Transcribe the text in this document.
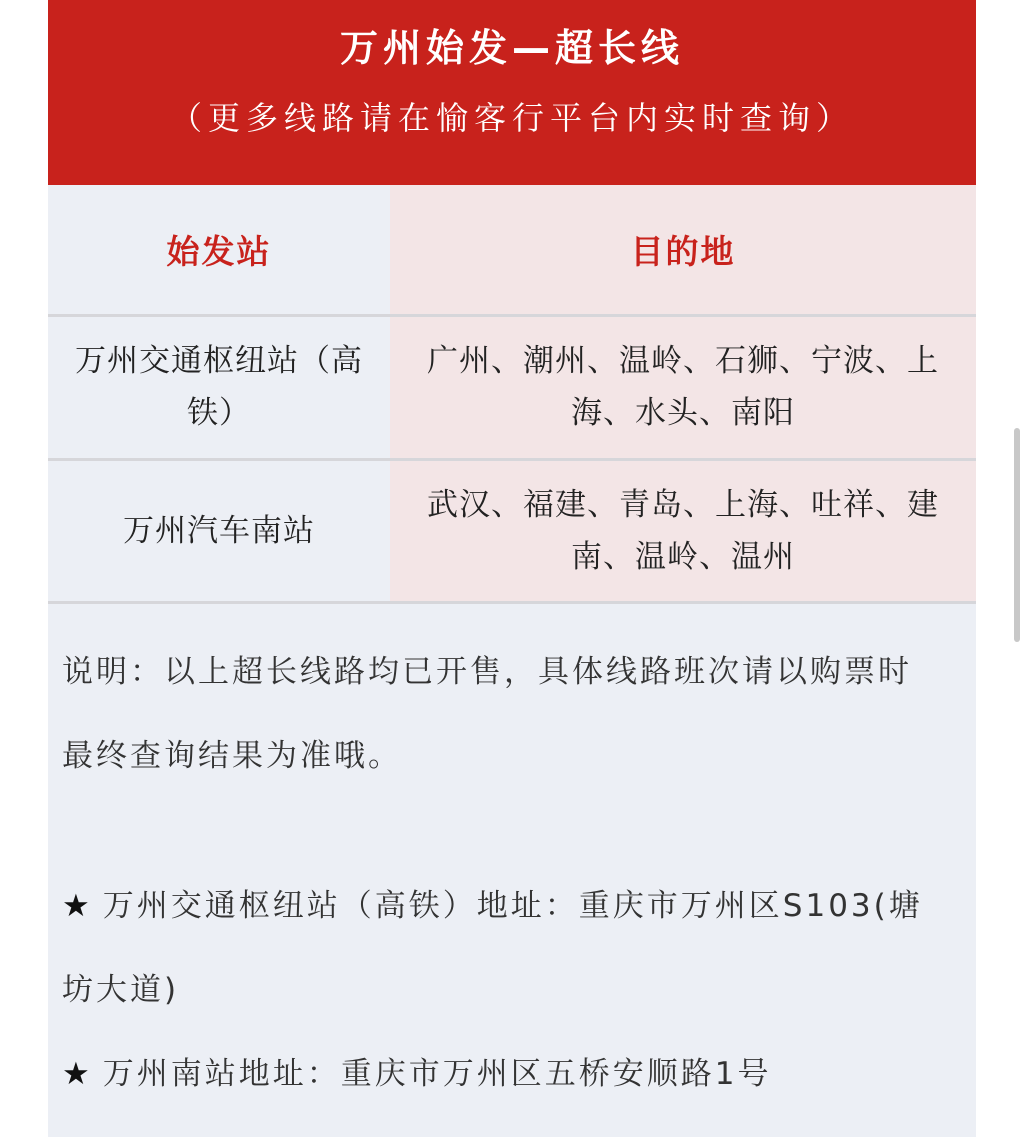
万州始发—超长线
（更多线路请在愉客行平台内实时查询）
始发站	目的地
万州交通枢纽站（高铁）	广州、潮州、温岭、石狮、宁波、上海、水头、南阳
万州汽车南站	武汉、福建、青岛、上海、吐祥、建南、温岭、温州
说明：以上超长线路均已开售，具体线路班次请以购票时最终查询结果为准哦。
★ 万州交通枢纽站（高铁）地址：重庆市万州区S103(塘坊大道)
★ 万州南站地址：重庆市万州区五桥安顺路1号
